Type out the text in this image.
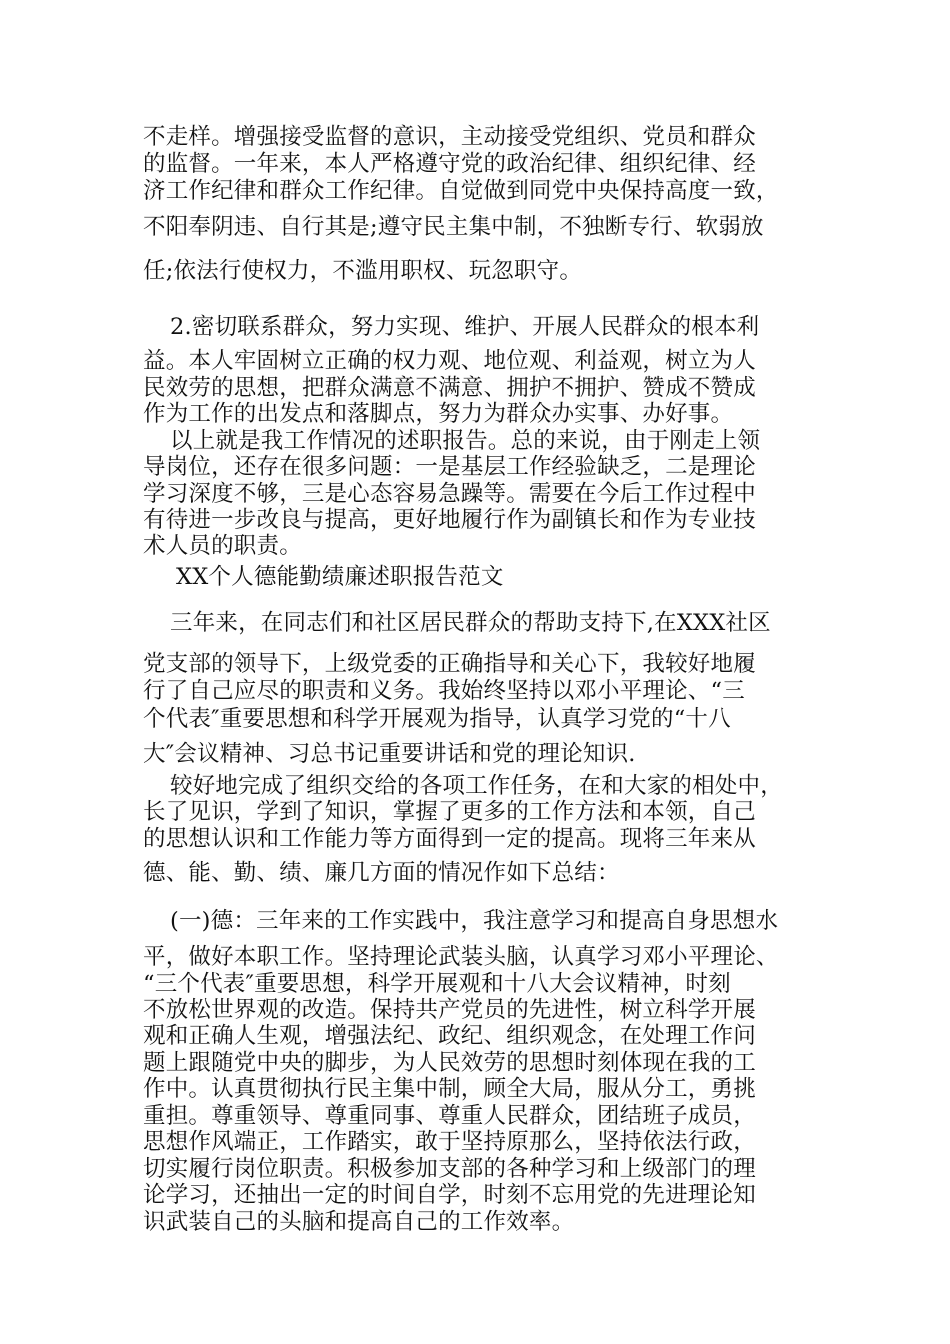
不走样。增强接受监督的意识，主动接受党组织、党员和群众
的监督。一年来，本人严格遵守党的政治纪律、组织纪律、经
济工作纪律和群众工作纪律。自觉做到同党中央保持高度一致，
不阳奉阴违、自行其是;遵守民主集中制，不独断专行、软弱放
任;依法行使权力，不滥用职权、玩忽职守。
2.密切联系群众，努力实现、维护、开展人民群众的根本利
益。本人牢固树立正确的权力观、地位观、利益观，树立为人
民效劳的思想，把群众满意不满意、拥护不拥护、赞成不赞成
作为工作的出发点和落脚点，努力为群众办实事、办好事。
以上就是我工作情况的述职报告。总的来说，由于刚走上领
导岗位，还存在很多问题：一是基层工作经验缺乏，二是理论
学习深度不够，三是心态容易急躁等。需要在今后工作过程中
有待进一步改良与提高，更好地履行作为副镇长和作为专业技
术人员的职责。
XX个人德能勤绩廉述职报告范文
三年来，在同志们和社区居民群众的帮助支持下,在XXX社区
党支部的领导下，上级党委的正确指导和关心下，我较好地履
行了自己应尽的职责和义务。我始终坚持以邓小平理论、“三
个代表″重要思想和科学开展观为指导，认真学习党的“十八
大″会议精神、习总书记重要讲话和党的理论知识.
较好地完成了组织交给的各项工作任务，在和大家的相处中，
长了见识，学到了知识，掌握了更多的工作方法和本领，自己
的思想认识和工作能力等方面得到一定的提高。现将三年来从
德、能、勤、绩、廉几方面的情况作如下总结：
(一)德：三年来的工作实践中，我注意学习和提高自身思想水
平，做好本职工作。坚持理论武装头脑，认真学习邓小平理论、
“三个代表″重要思想，科学开展观和十八大会议精神，时刻
不放松世界观的改造。保持共产党员的先进性，树立科学开展
观和正确人生观，增强法纪、政纪、组织观念，在处理工作问
题上跟随党中央的脚步，为人民效劳的思想时刻体现在我的工
作中。认真贯彻执行民主集中制，顾全大局，服从分工，勇挑
重担。尊重领导、尊重同事、尊重人民群众，团结班子成员，
思想作风端正，工作踏实，敢于坚持原那么，坚持依法行政，
切实履行岗位职责。积极参加支部的各种学习和上级部门的理
论学习，还抽出一定的时间自学，时刻不忘用党的先进理论知
识武装自己的头脑和提高自己的工作效率。
